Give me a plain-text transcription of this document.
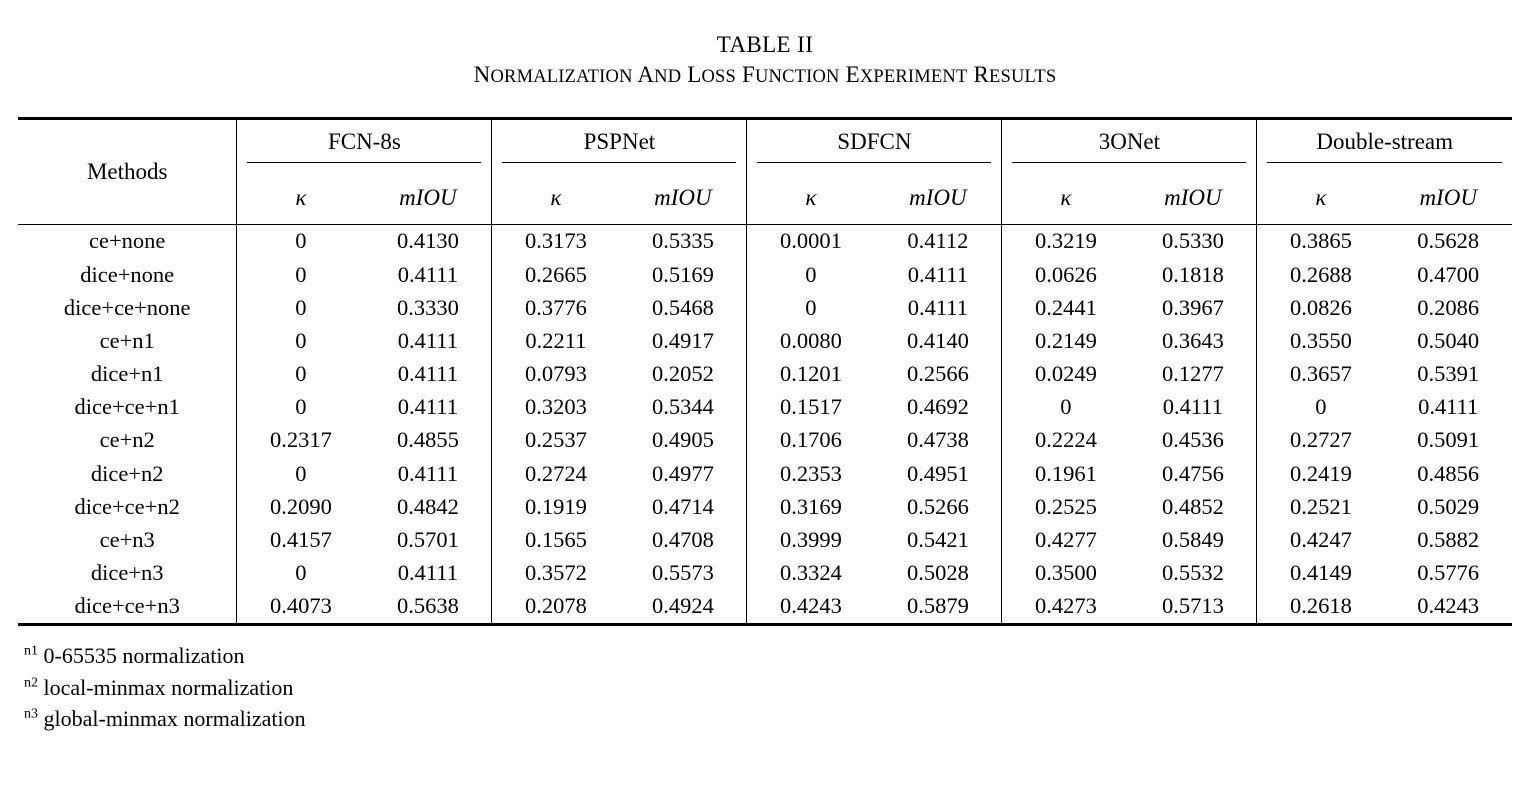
TABLE II
NORMALIZATION AND LOSS FUNCTION EXPERIMENT RESULTS
Methods	FCN-8s		PSPNet		SDFCN		3ONet		Double-stream	

	κ	mIOU	κ	mIOU	κ	mIOU	κ	mIOU	κ	mIOU
ce+none	0	0.4130	0.3173	0.5335	0.0001	0.4112	0.3219	0.5330	0.3865	0.5628
dice+none	0	0.4111	0.2665	0.5169	0	0.4111	0.0626	0.1818	0.2688	0.4700
dice+ce+none	0	0.3330	0.3776	0.5468	0	0.4111	0.2441	0.3967	0.0826	0.2086
ce+n1	0	0.4111	0.2211	0.4917	0.0080	0.4140	0.2149	0.3643	0.3550	0.5040
dice+n1	0	0.4111	0.0793	0.2052	0.1201	0.2566	0.0249	0.1277	0.3657	0.5391
dice+ce+n1	0	0.4111	0.3203	0.5344	0.1517	0.4692	0	0.4111	0	0.4111
ce+n2	0.2317	0.4855	0.2537	0.4905	0.1706	0.4738	0.2224	0.4536	0.2727	0.5091
dice+n2	0	0.4111	0.2724	0.4977	0.2353	0.4951	0.1961	0.4756	0.2419	0.4856
dice+ce+n2	0.2090	0.4842	0.1919	0.4714	0.3169	0.5266	0.2525	0.4852	0.2521	0.5029
ce+n3	0.4157	0.5701	0.1565	0.4708	0.3999	0.5421	0.4277	0.5849	0.4247	0.5882
dice+n3	0	0.4111	0.3572	0.5573	0.3324	0.5028	0.3500	0.5532	0.4149	0.5776
dice+ce+n3	0.4073	0.5638	0.2078	0.4924	0.4243	0.5879	0.4273	0.5713	0.2618	0.4243
$^{n1}$ 0-65535 normalization
$^{n2}$ local-minmax normalization
$^{n3}$ global-minmax normalization
